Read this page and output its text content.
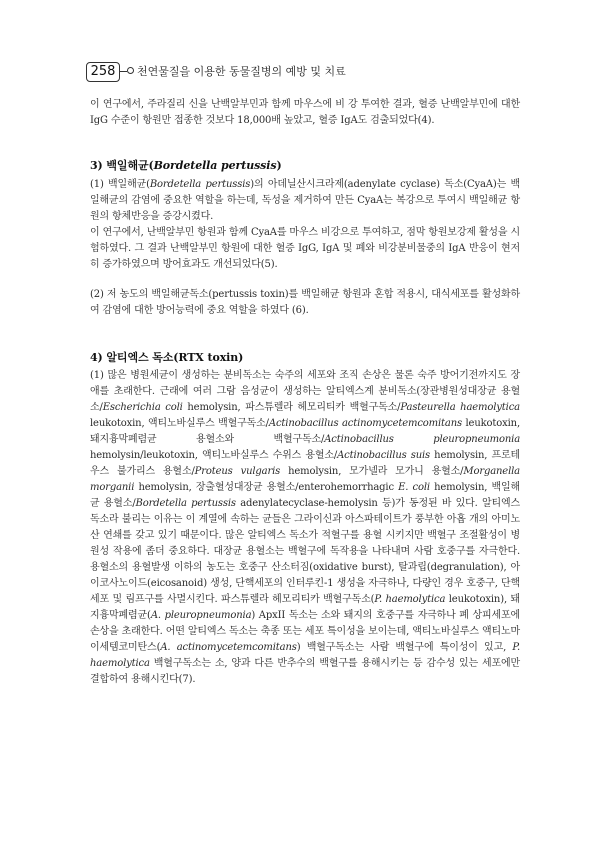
258	천연물질을 이용한 동물질병의 예방 및 치료

이 연구에서, 주라질리 신을 난백알부민과 함께 마우스에 비 강 투여한 결과, 혈증 난백알부민에 대한 IgG 수준이 항원만 접종한 것보다 18,000배 높았고, 혈증 IgA도 검출되었다(4).

3) 백일해균(Bordetella pertussis)

(1) 백일해균(Bordetella pertussis)의 아데닐산시크라제(adenylate cyclase) 독소(CyaA)는 백일해균의 감염에 중요한 역할을 하는데, 독성을 제거하여 만든 CyaA는 복강으로 투여시 백일해균 항원의 항체반응을 증강시켰다.

이 연구에서, 난백알부민 항원과 함께 CyaA를 마우스 비강으로 투여하고, 점막 항원보강제 활성을 시험하였다. 그 결과 난백알부민 항원에 대한 혈증 IgG, IgA 및 폐와 비강분비물중의 IgA 반응이 현저히 증가하였으며 방어효과도 개선되었다(5).

(2) 저 농도의 백일해균독소(pertussis toxin)를 백일해균 항원과 혼합 적용시, 대식세포를 활성화하여 감염에 대한 방어능력에 중요 역할을 하였다 (6).

4) 알티엑스 독소(RTX toxin)

(1) 많은 병원세균이 생성하는 분비독소는 숙주의 세포와 조직 손상은 물론 숙주 방어기전까지도 장애를 초래한다. 근래에 여러 그람 음성균이 생성하는 알티엑스계 분비독소(장관병원성대장균 용혈소/Escherichia coli hemolysin, 파스튜렐라 헤모리티카 백혈구독소/Pasteurella haemolytica leukotoxin, 액티노바실루스 백혈구독소/Actinobacillus actinomycetemcomitans leukotoxin, 돼지흉막폐렴균 용혈소와 백혈구독소/Actinobacillus pleuropneumonia hemolysin/leukotoxin, 액티노바실루스 수위스 용혈소/Actinobacillus suis hemolysin, 프로테우스 불가리스 용혈소/Proteus vulgaris hemolysin, 모가넬라 모가니 용혈소/Morganella morganii hemolysin, 장출혈성대장균 용혈소/enterohemorrhagic E. coli hemolysin, 백일해균 용혈소/Bordetella pertussis adenylatecyclase-hemolysin 등)가 동정된 바 있다. 알티엑스 독소라 불리는 이유는 이 계열에 속하는 균들은 그라이신과 아스파테이트가 풍부한 아홉 개의 아미노산 연쇄를 갖고 있기 때문이다. 많은 알티엑스 독소가 적혈구를 용혈 시키지만 백혈구 조절활성이 병원성 작용에 좀더 중요하다. 대장균 용혈소는 백혈구에 독작용을 나타내며 사람 호중구를 자극한다. 용혈소의 용혈발생 이하의 농도는 호중구 산소터짐(oxidative burst), 탈과립(degranulation), 아이코사노이드(eicosanoid) 생성, 단핵세포의 인터루킨-1 생성을 자극하나, 다량인 경우 호중구, 단핵세포 및 림프구를 사멸시킨다. 파스튜렐라 헤모리티카 백혈구독소(P. haemolytica leukotoxin), 돼지흉막폐렴균(A. pleuropneumonia) ApxII 독소는 소와 돼지의 호중구를 자극하나 폐 상피세포에 손상을 초래한다. 어떤 알티엑스 독소는 축종 또는 세포 특이성을 보이는데, 액티노바실루스 액티노마이세템코미탄스(A. actinomycetemcomitans) 백혈구독소는 사람 백혈구에 특이성이 있고, P. haemolytica 백혈구독소는 소, 양과 다른 반추수의 백혈구를 용해시키는 등 감수성 있는 세포에만 결합하여 용해시킨다(7).
